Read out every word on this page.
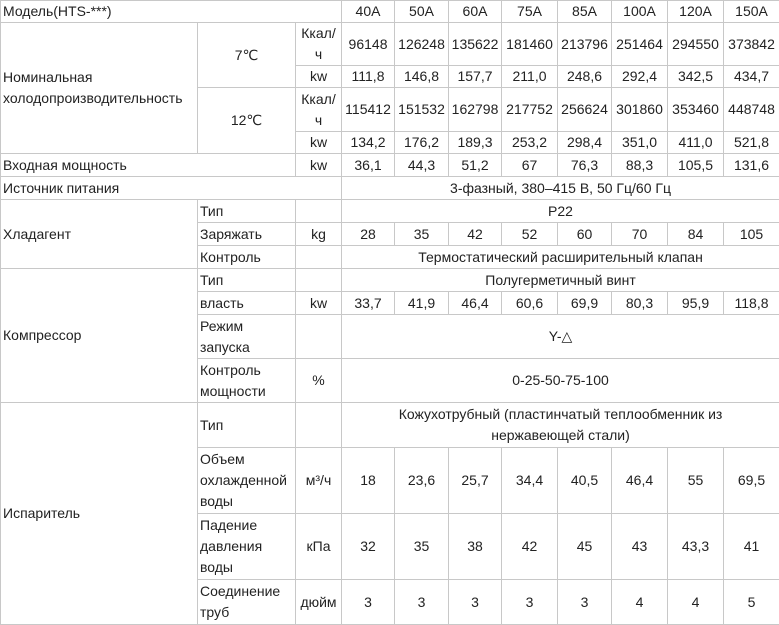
Модель(HTS-***)			40A	50A	60A	75A	85A	100A	120A	150A
Номинальная холодопроизводительность	7℃	Ккал/ч	96148	126248	135622	181460	213796	251464	294550	373842
		kw	111,8	146,8	157,7	211,0	248,6	292,4	342,5	434,7
	12℃	Ккал/ч	115412	151532	162798	217752	256624	301860	353460	448748
		kw	134,2	176,2	189,3	253,2	298,4	351,0	411,0	521,8
Входная мощность		kw	36,1	44,3	51,2	67	76,3	88,3	105,5	131,6
Источник питания			3-фазный, 380–415 В, 50 Гц/60 Гц							
Хладагент	Тип		Р22							
	Заряжать	kg	28	35	42	52	60	70	84	105
	Контроль		Термостатический расширительный клапан							
Компрессор	Тип		Полугерметичный винт							
	власть	kw	33,7	41,9	46,4	60,6	69,9	80,3	95,9	118,8
	Режим запуска		Y-△							
	Контроль мощности	%	0-25-50-75-100							
Испаритель	Тип		Кожухотрубный (пластинчатый теплообменник из нержавеющей стали)							
	Объем охлажденной воды	м³/ч	18	23,6	25,7	34,4	40,5	46,4	55	69,5
	Падение давления воды	кПа	32	35	38	42	45	43	43,3	41
	Соединение труб	дюйм	3	3	3	3	3	4	4	5
